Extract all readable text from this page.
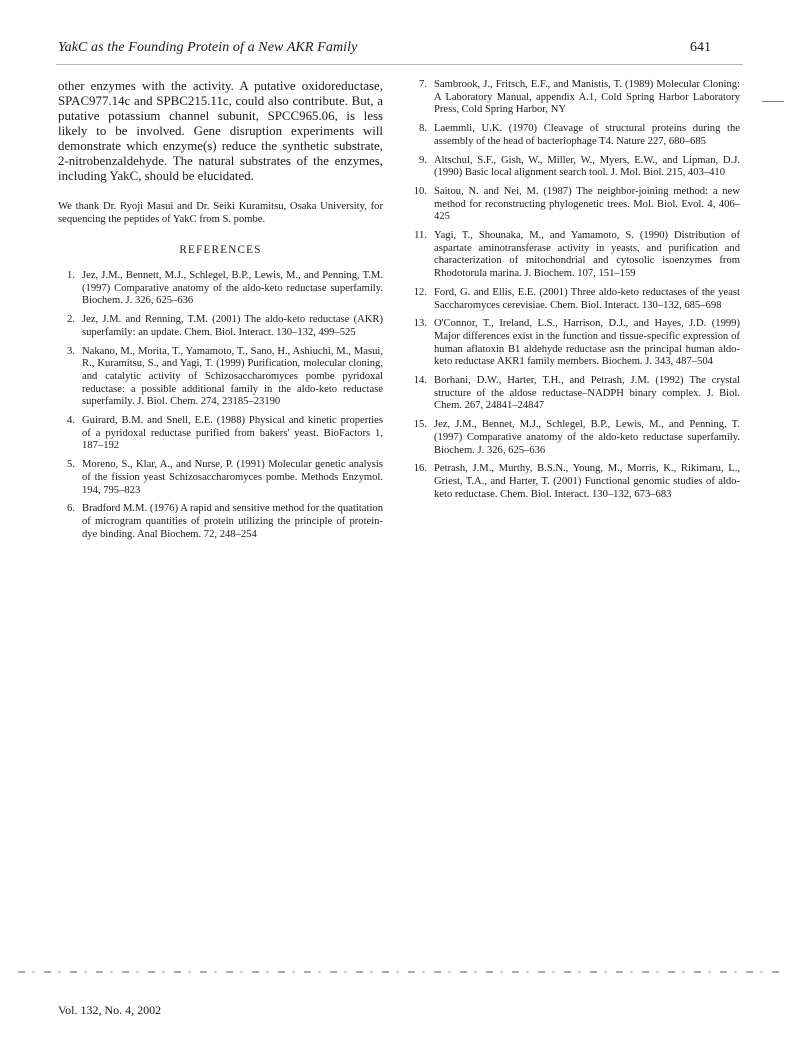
YakC as the Founding Protein of a New AKR Family	641

other enzymes with the activity. A putative oxidoreductase, SPAC977.14c and SPBC215.11c, could also contribute. But, a putative potassium channel subunit, SPCC965.06, is less likely to be involved. Gene disruption experiments will demonstrate which enzyme(s) reduce the synthetic substrate, 2-nitrobenzaldehyde. The natural substrates of the enzymes, including YakC, should be elucidated.

We thank Dr. Ryoji Masui and Dr. Seiki Kuramitsu, Osaka University, for sequencing the peptides of YakC from S. pombe.

REFERENCES
1. Jez, J.M., Bennett, M.J., Schlegel, B.P., Lewis, M., and Penning, T.M. (1997) Comparative anatomy of the aldo-keto reductase superfamily. Biochem. J. 326, 625–636
2. Jez, J.M. and Renning, T.M. (2001) The aldo-keto reductase (AKR) superfamily: an update. Chem. Biol. Interact. 130–132, 499–525
3. Nakano, M., Morita, T., Yamamoto, T., Sano, H., Ashiuchi, M., Masui, R., Kuramitsu, S., and Yagi, T. (1999) Purification, molecular cloning, and catalytic activity of Schizosaccharomyces pombe pyridoxal reductase: a possible additional family in the aldo-keto reductase superfamily. J. Biol. Chem. 274, 23185–23190
4. Guirard, B.M. and Snell, E.E. (1988) Physical and kinetic properties of a pyridoxal reductase purified from bakers' yeast. BioFactors 1, 187–192
5. Moreno, S., Klar, A., and Nurse, P. (1991) Molecular genetic analysis of the fission yeast Schizosaccharomyces pombe. Methods Enzymol. 194, 795–823
6. Bradford M.M. (1976) A rapid and sensitive method for the quatitation of microgram quantities of protein utilizing the principle of protein-dye binding. Anal Biochem. 72, 248–254
7. Sambrook, J., Fritsch, E.F., and Manistis, T. (1989) Molecular Cloning: A Laboratory Manual, appendix A.1, Cold Spring Harbor Laboratory Press, Cold Spring Harbor, NY
8. Laemmli, U.K. (1970) Cleavage of structural proteins during the assembly of the head of bacteriophage T4. Nature 227, 680–685
9. Altschul, S.F., Gish, W., Miller, W., Myers, E.W., and Lipman, D.J. (1990) Basic local alignment search tool. J. Mol. Biol. 215, 403–410
10. Saitou, N. and Nei, M. (1987) The neighbor-joining method: a new method for reconstructing phylogenetic trees. Mol. Biol. Evol. 4, 406–425
11. Yagi, T., Shounaka, M., and Yamamoto, S. (1990) Distribution of aspartate aminotransferase activity in yeasts, and purification and characterization of mitochondrial and cytosolic isoenzymes from Rhodotorula marina. J. Biochem. 107, 151–159
12. Ford, G. and Ellis, E.E. (2001) Three aldo-keto reductases of the yeast Saccharomyces cerevisiae. Chem. Biol. Interact. 130–132, 685–698
13. O'Connor, T., Ireland, L.S., Harrison, D.J., and Hayes, J.D. (1999) Major differences exist in the function and tissue-specific expression of human aflatoxin B1 aldehyde reductase asn the principal human aldo-keto reductase AKR1 family members. Biochem. J. 343, 487–504
14. Borhani, D.W., Harter, T.H., and Petrash, J.M. (1992) The crystal structure of the aldose reductase–NADPH binary complex. J. Biol. Chem. 267, 24841–24847
15. Jez, J.M., Bennet, M.J., Schlegel, B.P., Lewis, M., and Penning, T. (1997) Comparative anatomy of the aldo-keto reductase superfamily. Biochem. J. 326, 625–636
16. Petrash, J.M., Murthy, B.S.N., Young, M., Morris, K., Rikimaru, L., Griest, T.A., and Harter, T. (2001) Functional genomic studies of aldo-keto reductase. Chem. Biol. Interact. 130–132, 673–683
Vol. 132, No. 4, 2002
